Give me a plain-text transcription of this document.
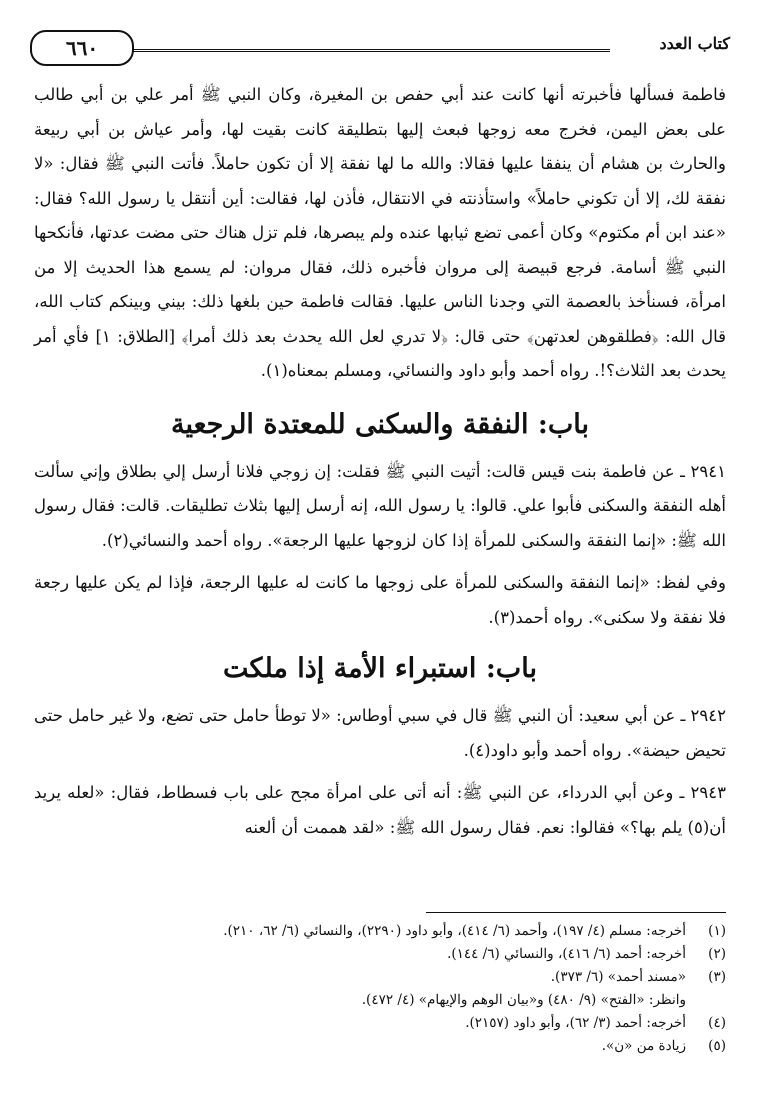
كتاب العدد
٦٦٠

فاطمة فسألها فأخبرته أنها كانت عند أبي حفص بن المغيرة، وكان النبي ﷺ أمر علي بن أبي طالب على بعض اليمن، فخرج معه زوجها فبعث إليها بتطليقة كانت بقيت لها، وأمر عياش بن أبي ربيعة والحارث بن هشام أن ينفقا عليها فقالا: والله ما لها نفقة إلا أن تكون حاملاً. فأتت النبي ﷺ فقال: «لا نفقة لك، إلا أن تكوني حاملاً» واستأذنته في الانتقال، فأذن لها، فقالت: أين أنتقل يا رسول الله؟ فقال: «عند ابن أم مكتوم» وكان أعمى تضع ثيابها عنده ولم يبصرها، فلم تزل هناك حتى مضت عدتها، فأنكحها النبي ﷺ أسامة. فرجع قبيصة إلى مروان فأخبره ذلك، فقال مروان: لم يسمع هذا الحديث إلا من امرأة، فسنأخذ بالعصمة التي وجدنا الناس عليها. فقالت فاطمة حين بلغها ذلك: بيني وبينكم كتاب الله، قال الله: ﴿فطلقوهن لعدتهن﴾ حتى قال: ﴿لا تدري لعل الله يحدث بعد ذلك أمرا﴾ [الطلاق: ١] فأي أمر يحدث بعد الثلاث؟!. رواه أحمد وأبو داود والنسائي، ومسلم بمعناه(١).

باب: النفقة والسكنى للمعتدة الرجعية

٢٩٤١ ـ عن فاطمة بنت قيس قالت: أتيت النبي ﷺ فقلت: إن زوجي فلانا أرسل إلي بطلاق وإني سألت أهله النفقة والسكنى فأبوا علي. قالوا: يا رسول الله، إنه أرسل إليها بثلاث تطليقات. قالت: فقال رسول الله ﷺ: «إنما النفقة والسكنى للمرأة إذا كان لزوجها عليها الرجعة». رواه أحمد والنسائي(٢).

وفي لفظ: «إنما النفقة والسكنى للمرأة على زوجها ما كانت له عليها الرجعة، فإذا لم يكن عليها رجعة فلا نفقة ولا سكنى». رواه أحمد(٣).

باب: استبراء الأمة إذا ملكت

٢٩٤٢ ـ عن أبي سعيد: أن النبي ﷺ قال في سبي أوطاس: «لا توطأ حامل حتى تضع، ولا غير حامل حتى تحيض حيضة». رواه أحمد وأبو داود(٤).

٢٩٤٣ ـ وعن أبي الدرداء، عن النبي ﷺ: أنه أتى على امرأة مجح على باب فسطاط، فقال: «لعله يريد أن(٥) يلم بها؟» فقالوا: نعم. فقال رسول الله ﷺ: «لقد هممت أن ألعنه

(١)
أخرجه: مسلم (٤/ ١٩٧)، وأحمد (٦/ ٤١٤)، وأبو داود (٢٢٩٠)، والنسائي (٦/ ٦٢، ٢١٠).
(٢)
أخرجه: أحمد (٦/ ٤١٦)، والنسائي (٦/ ١٤٤).
(٣)
«مسند أحمد» (٦/ ٣٧٣).
وانظر: «الفتح» (٩/ ٤٨٠) و«بيان الوهم والإيهام» (٤/ ٤٧٢).
(٤)
أخرجه: أحمد (٣/ ٦٢)، وأبو داود (٢١٥٧).
(٥)
زيادة من «ن».
